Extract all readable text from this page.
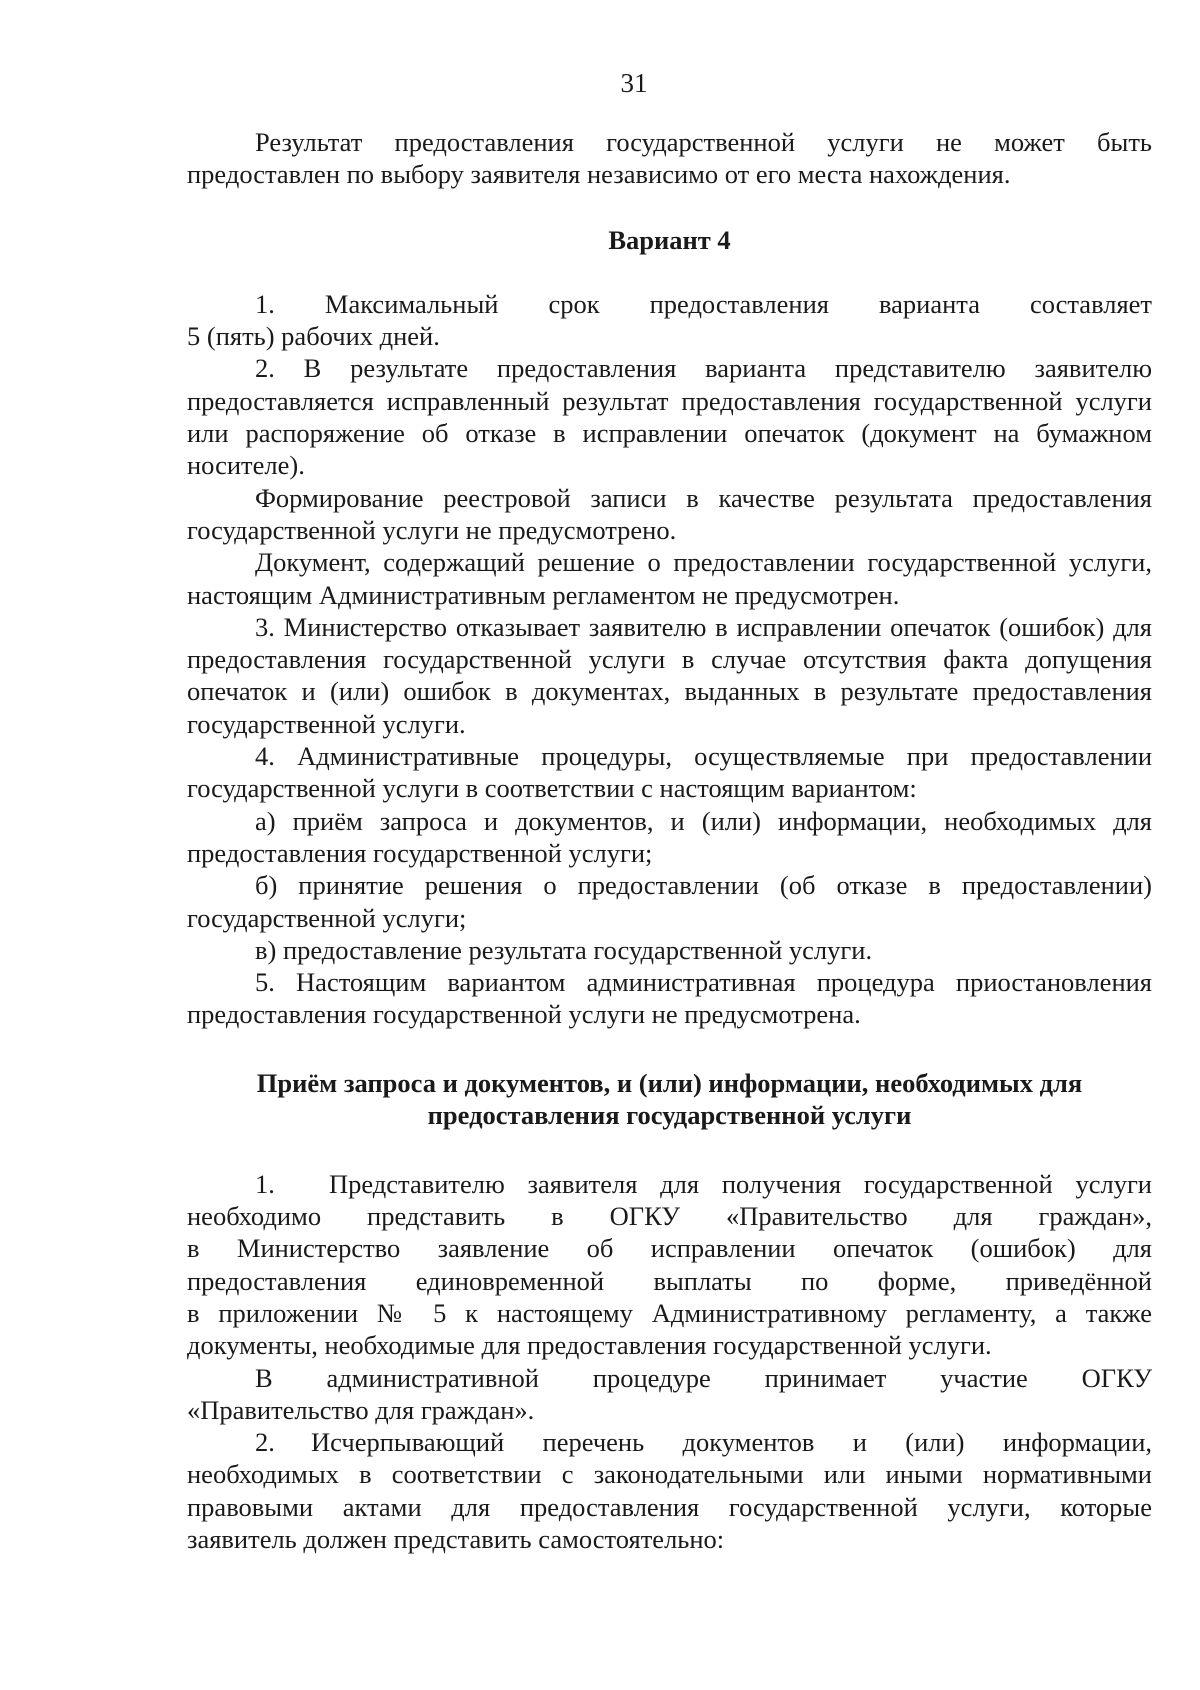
31

Результат предоставления государственной услуги не может быть предоставлен по выбору заявителя независимо от его места нахождения.

Вариант 4

1. Максимальный срок предоставления варианта составляет
5 (пять) рабочих дней.

2. В результате предоставления варианта представителю заявителю предоставляется исправленный результат предоставления государственной услуги или распоряжение об отказе в исправлении опечаток (документ на бумажном носителе).

Формирование реестровой записи в качестве результата предоставления государственной услуги не предусмотрено.

Документ, содержащий решение о предоставлении государственной услуги, настоящим Административным регламентом не предусмотрен.

3. Министерство отказывает заявителю в исправлении опечаток (ошибок) для предоставления государственной услуги в случае отсутствия факта допущения опечаток и (или) ошибок в документах, выданных в результате предоставления государственной услуги.

4. Административные процедуры, осуществляемые при предоставлении государственной услуги в соответствии с настоящим вариантом:

а) приём запроса и документов, и (или) информации, необходимых для предоставления государственной услуги;

б) принятие решения о предоставлении (об отказе в предоставлении) государственной услуги;

в) предоставление результата государственной услуги.

5. Настоящим вариантом административная процедура приостановления предоставления государственной услуги не предусмотрена.

Приём запроса и документов, и (или) информации, необходимых для
предоставления государственной услуги
1. Представителю заявителя для получения государственной услуги
необходимо представить в ОГКУ «Правительство для граждан»,
в Министерство заявление об исправлении опечаток (ошибок) для
предоставления единовременной выплаты по форме, приведённой
в приложении № 5 к настоящему Административному регламенту, а также
документы, необходимые для предоставления государственной услуги.
В административной процедуре принимает участие ОГКУ
«Правительство для граждан».
2. Исчерпывающий перечень документов и (или) информации,
необходимых в соответствии с законодательными или иными нормативными
правовыми актами для предоставления государственной услуги, которые
заявитель должен представить самостоятельно:
